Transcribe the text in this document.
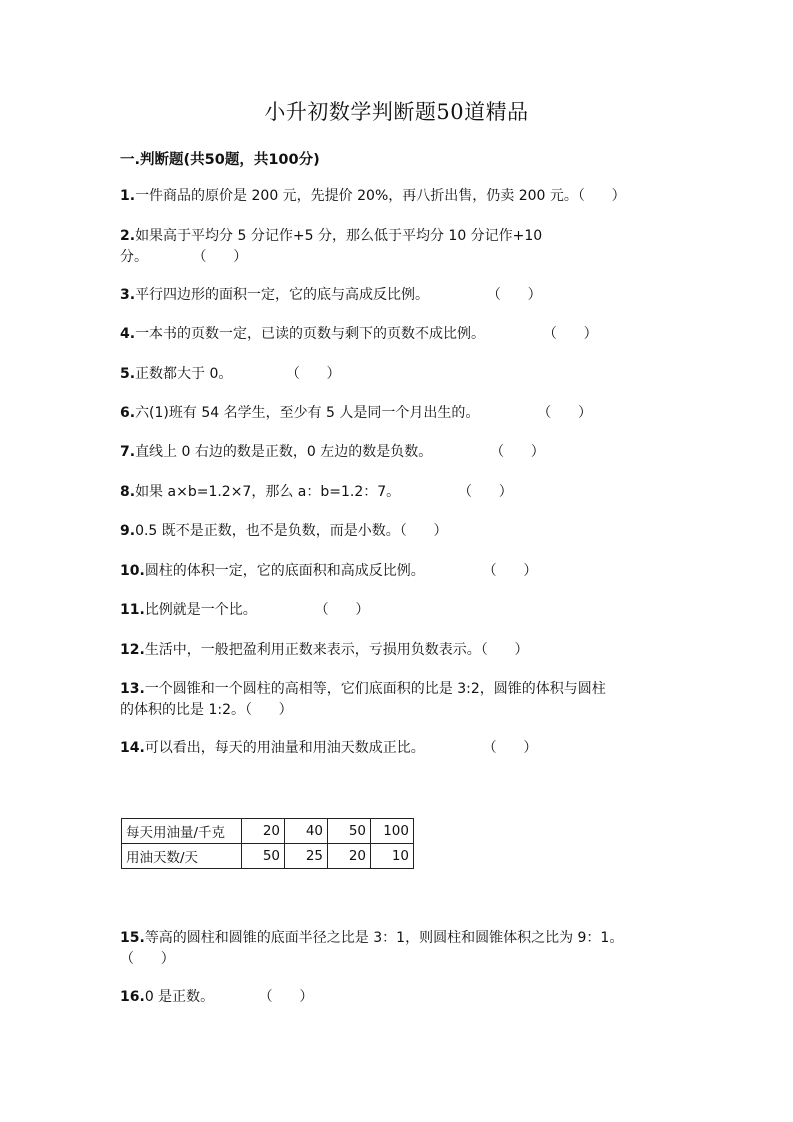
小升初数学判断题50道精品
一.判断题(共50题，共100分)
1.一件商品的原价是 200 元，先提价 20%，再八折出售，仍卖 200 元。（      ）
2.如果高于平均分 5 分记作+5 分，那么低于平均分 10 分记作+10
分。          （      ）
3.平行四边形的面积一定，它的底与高成反比例。             （      ）
4.一本书的页数一定，已读的页数与剩下的页数不成比例。             （      ）
5.正数都大于 0。            （      ）
6.六(1)班有 54 名学生，至少有 5 人是同一个月出生的。             （      ）
7.直线上 0 右边的数是正数，0 左边的数是负数。             （      ）
8.如果 a×b=1.2×7，那么 a：b=1.2：7。             （      ）
9.0.5 既不是正数，也不是负数，而是小数。（      ）
10.圆柱的体积一定，它的底面积和高成反比例。             （      ）
11.比例就是一个比。             （      ）
12.生活中，一般把盈利用正数来表示，亏损用负数表示。（      ）
13.一个圆锥和一个圆柱的高相等，它们底面积的比是 3:2，圆锥的体积与圆柱
的体积的比是 1:2。（      ）
14.可以看出，每天的用油量和用油天数成正比。             （      ）
每天用油量/千克	20	40	50	100
用油天数/天	50	25	20	10
15.等高的圆柱和圆锥的底面半径之比是 3：1，则圆柱和圆锥体积之比为 9：1。
（      ）
16.0 是正数。          （      ）
